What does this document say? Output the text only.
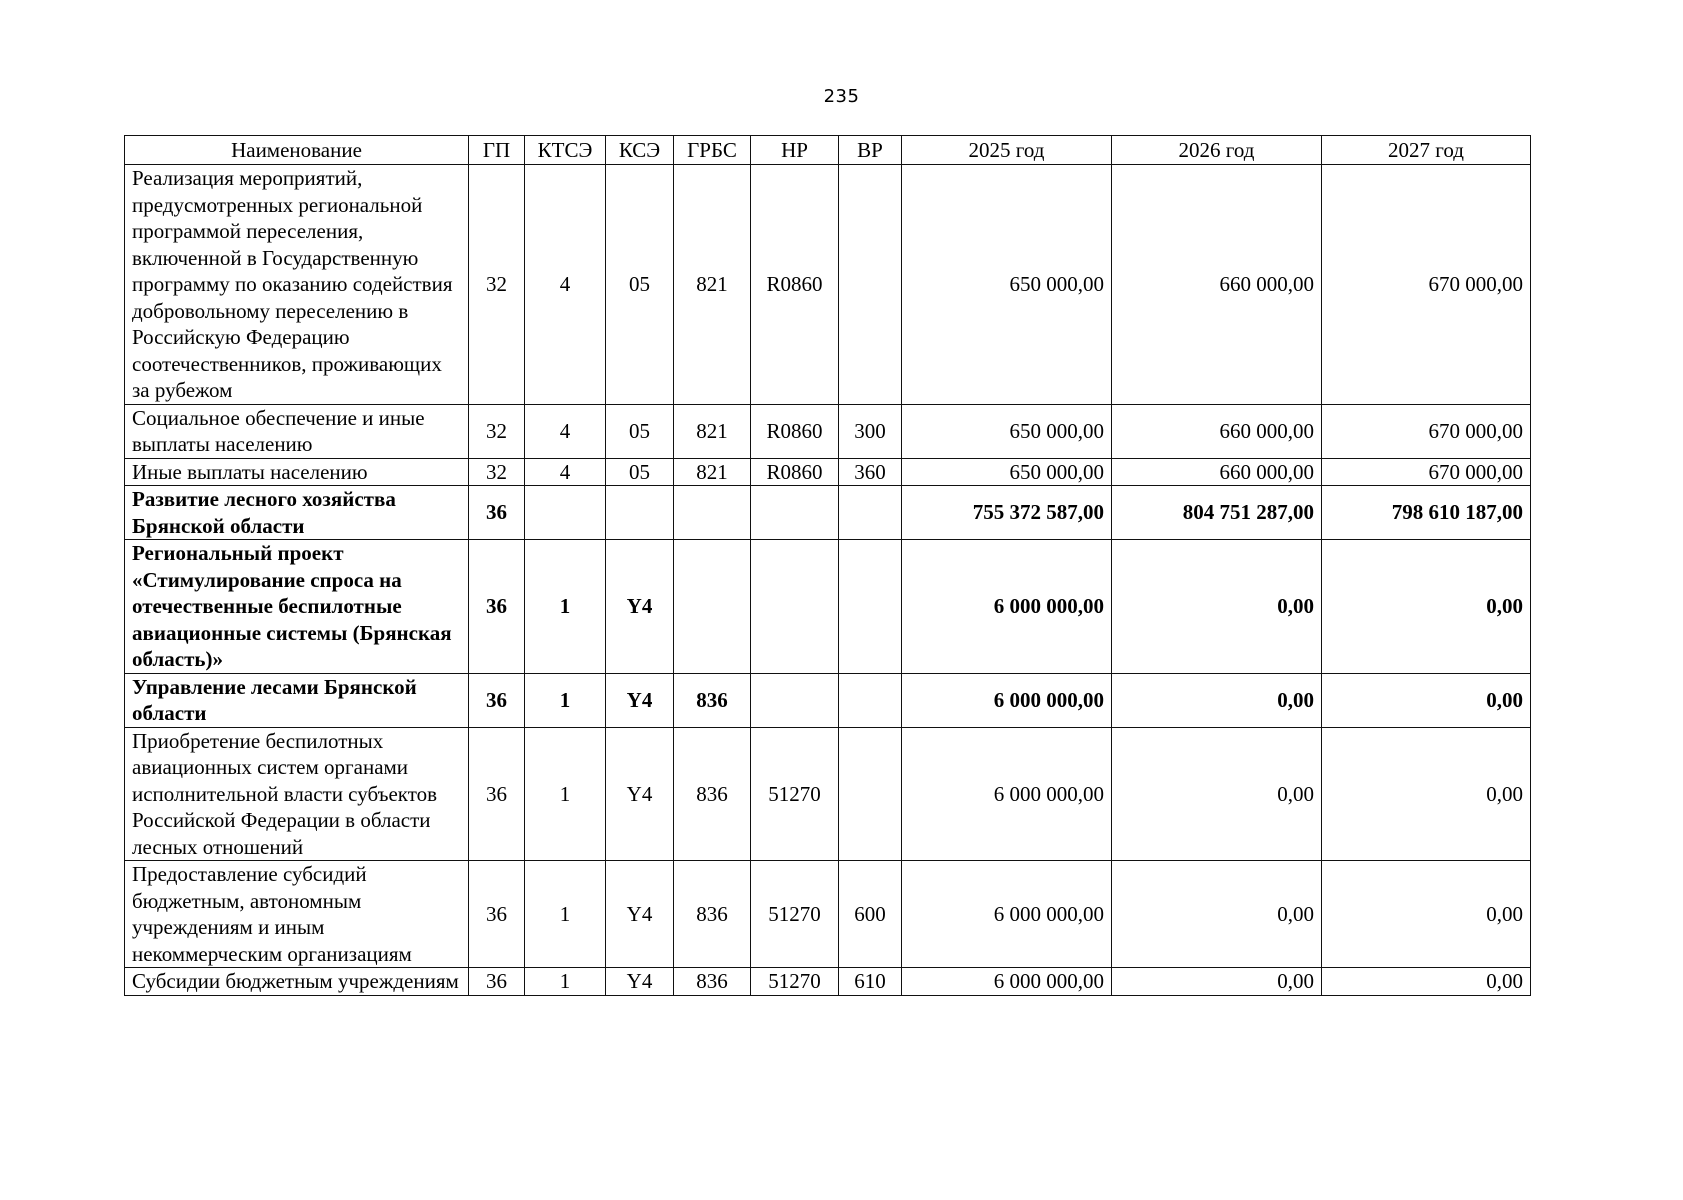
235
Наименование	ГП	КТСЭ	КСЭ	ГРБС	НР	ВР	2025 год	2026 год	2027 год
Реализация мероприятий, предусмотренных региональной программой переселения, включенной в Государственную программу по оказанию содействия добровольному переселению в Российскую Федерацию соотечественников, проживающих за рубежом	32	4	05	821	R0860		650 000,00	660 000,00	670 000,00
Социальное обеспечение и иные выплаты населению	32	4	05	821	R0860	300	650 000,00	660 000,00	670 000,00
Иные выплаты населению	32	4	05	821	R0860	360	650 000,00	660 000,00	670 000,00
Развитие лесного хозяйства Брянской области	36						755 372 587,00	804 751 287,00	798 610 187,00
Региональный проект «Стимулирование спроса на отечественные беспилотные авиационные системы (Брянская область)»	36	1	Y4				6 000 000,00	0,00	0,00
Управление лесами Брянской области	36	1	Y4	836			6 000 000,00	0,00	0,00
Приобретение беспилотных авиационных систем органами исполнительной власти субъектов Российской Федерации в области лесных отношений	36	1	Y4	836	51270		6 000 000,00	0,00	0,00
Предоставление субсидий бюджетным, автономным учреждениям и иным некоммерческим организациям	36	1	Y4	836	51270	600	6 000 000,00	0,00	0,00
Субсидии бюджетным учреждениям	36	1	Y4	836	51270	610	6 000 000,00	0,00	0,00
